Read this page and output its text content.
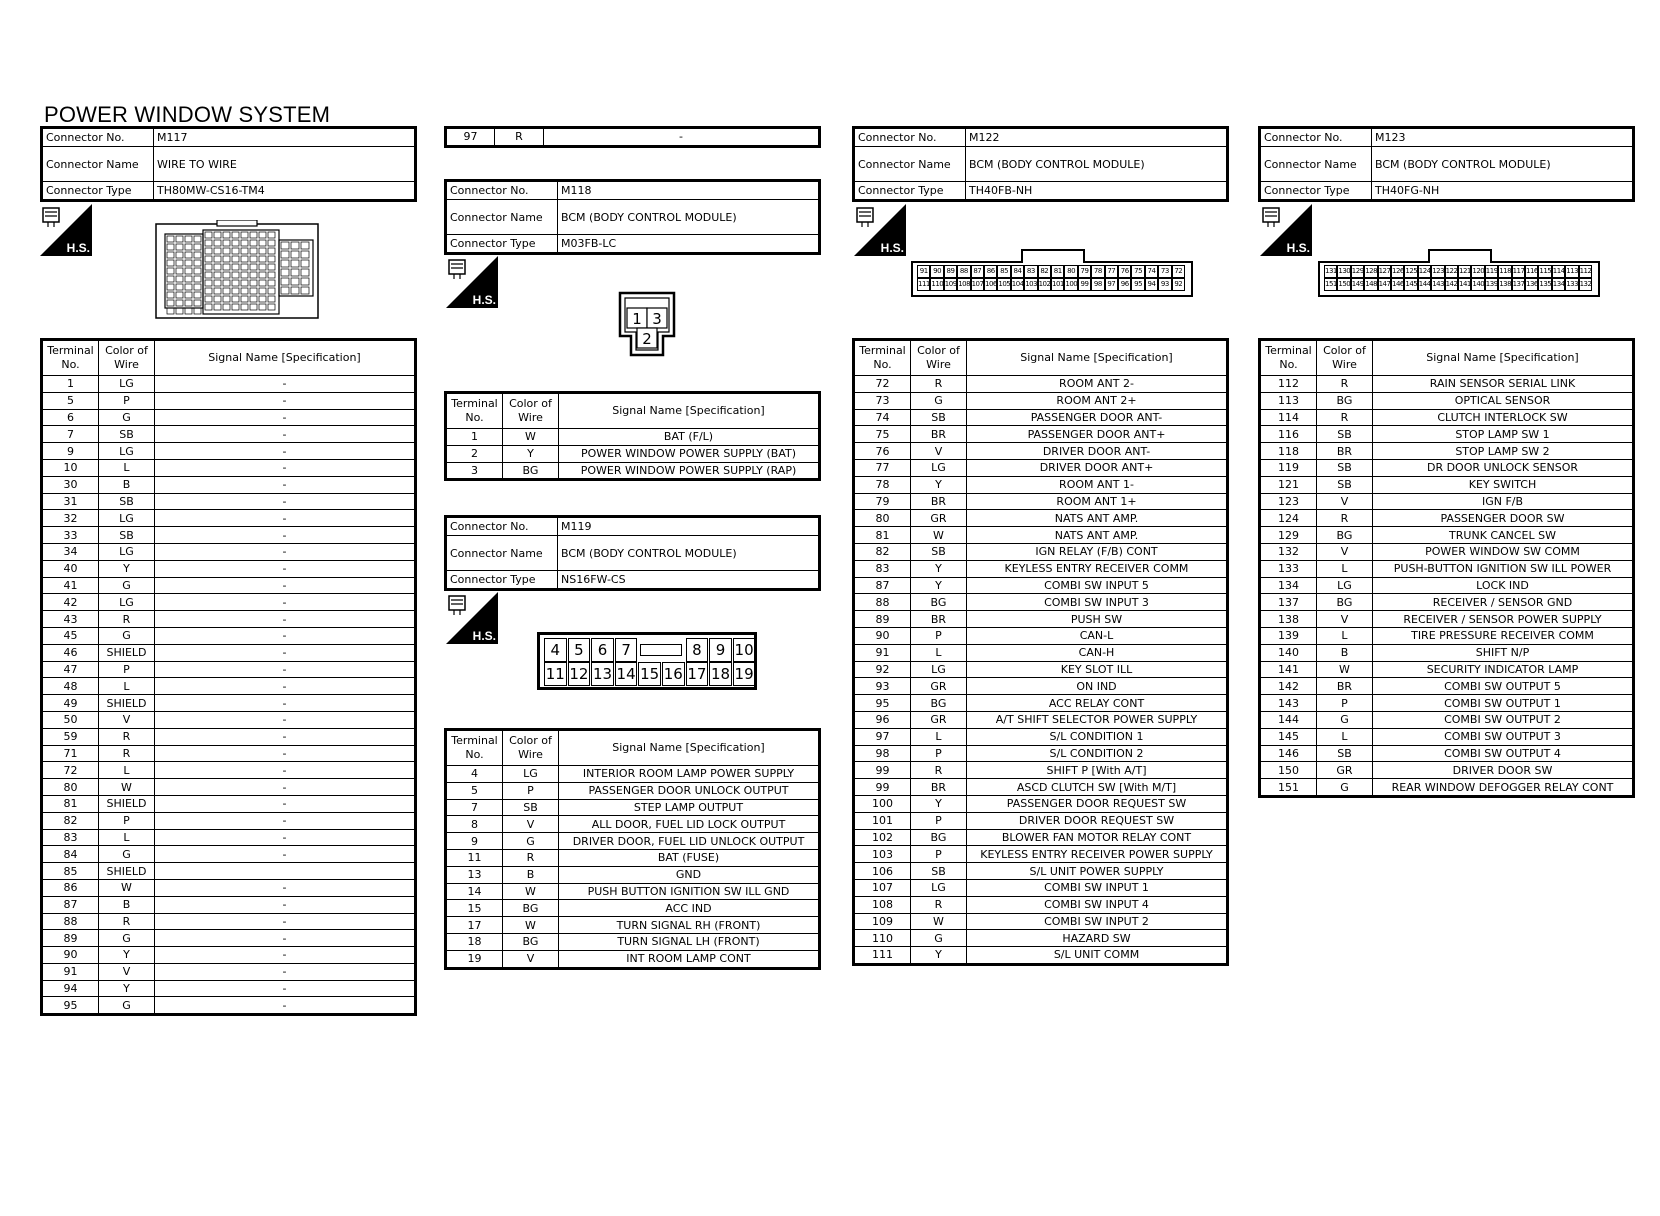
POWER WINDOW SYSTEM
Connector No.	M117
Connector Name	WIRE TO WIRE
Connector Type	TH80MW-CS16-TM4
H.S.
Terminal No.	Color of Wire	Signal Name [Specification]
1	LG	-
5	P	-
6	G	-
7	SB	-
9	LG	-
10	L	-
30	B	-
31	SB	-
32	LG	-
33	SB	-
34	LG	-
40	Y	-
41	G	-
42	LG	-
43	R	-
45	G	-
46	SHIELD	-
47	P	-
48	L	-
49	SHIELD	-
50	V	-
59	R	-
71	R	-
72	L	-
80	W	-
81	SHIELD	-
82	P	-
83	L	-
84	G	-
85	SHIELD	
86	W	-
87	B	-
88	R	-
89	G	-
90	Y	-
91	V	-
94	Y	-
95	G	-
97	R	-
Connector No.	M118
Connector Name	BCM (BODY CONTROL MODULE)
Connector Type	M03FB-LC
H.S.
1 3
2
Terminal No.	Color of Wire	Signal Name [Specification]
1	W	BAT (F/L)
2	Y	POWER WINDOW POWER SUPPLY (BAT)
3	BG	POWER WINDOW POWER SUPPLY (RAP)
Connector No.	M119
Connector Name	BCM (BODY CONTROL MODULE)
Connector Type	NS16FW-CS
H.S.
4 5 6 7	8 9 10
11 12 13 14 15 16 17 18 19
Terminal No.	Color of Wire	Signal Name [Specification]
4	LG	INTERIOR ROOM LAMP POWER SUPPLY
5	P	PASSENGER DOOR UNLOCK OUTPUT
7	SB	STEP LAMP OUTPUT
8	V	ALL DOOR, FUEL LID LOCK OUTPUT
9	G	DRIVER DOOR, FUEL LID UNLOCK OUTPUT
11	R	BAT (FUSE)
13	B	GND
14	W	PUSH BUTTON IGNITION SW ILL GND
15	BG	ACC IND
17	W	TURN SIGNAL RH (FRONT)
18	BG	TURN SIGNAL LH (FRONT)
19	V	INT ROOM LAMP CONT
Connector No.	M122
Connector Name	BCM (BODY CONTROL MODULE)
Connector Type	TH40FB-NH
H.S.
91 90 89 88 87 86 85 84 83 82 81 80 79 78 77 76 75 74 73 72
111 110 109 108 107 106 105 104 103 102 101 100 99 98 97 96 95 94 93 92
Terminal No.	Color of Wire	Signal Name [Specification]
72	R	ROOM ANT 2-
73	G	ROOM ANT 2+
74	SB	PASSENGER DOOR ANT-
75	BR	PASSENGER DOOR ANT+
76	V	DRIVER DOOR ANT-
77	LG	DRIVER DOOR ANT+
78	Y	ROOM ANT 1-
79	BR	ROOM ANT 1+
80	GR	NATS ANT AMP.
81	W	NATS ANT AMP.
82	SB	IGN RELAY (F/B) CONT
83	Y	KEYLESS ENTRY RECEIVER COMM
87	Y	COMBI SW INPUT 5
88	BG	COMBI SW INPUT 3
89	BR	PUSH SW
90	P	CAN-L
91	L	CAN-H
92	LG	KEY SLOT ILL
93	GR	ON IND
95	BG	ACC RELAY CONT
96	GR	A/T SHIFT SELECTOR POWER SUPPLY
97	L	S/L CONDITION 1
98	P	S/L CONDITION 2
99	R	SHIFT P [With A/T]
99	BR	ASCD CLUTCH SW [With M/T]
100	Y	PASSENGER DOOR REQUEST SW
101	P	DRIVER DOOR REQUEST SW
102	BG	BLOWER FAN MOTOR RELAY CONT
103	P	KEYLESS ENTRY RECEIVER POWER SUPPLY
106	SB	S/L UNIT POWER SUPPLY
107	LG	COMBI SW INPUT 1
108	R	COMBI SW INPUT 4
109	W	COMBI SW INPUT 2
110	G	HAZARD SW
111	Y	S/L UNIT COMM
Connector No.	M123
Connector Name	BCM (BODY CONTROL MODULE)
Connector Type	TH40FG-NH
H.S.
131 130 129 128 127 126 125 124 123 122 121 120 119 118 117 116 115 114 113 112
151 150 149 148 147 146 145 144 143 142 141 140 139 138 137 136 135 134 133 132
Terminal No.	Color of Wire	Signal Name [Specification]
112	R	RAIN SENSOR SERIAL LINK
113	BG	OPTICAL SENSOR
114	R	CLUTCH INTERLOCK SW
116	SB	STOP LAMP SW 1
118	BR	STOP LAMP SW 2
119	SB	DR DOOR UNLOCK SENSOR
121	SB	KEY SWITCH
123	V	IGN F/B
124	R	PASSENGER DOOR SW
129	BG	TRUNK CANCEL SW
132	V	POWER WINDOW SW COMM
133	L	PUSH-BUTTON IGNITION SW ILL POWER
134	LG	LOCK IND
137	BG	RECEIVER / SENSOR GND
138	V	RECEIVER / SENSOR POWER SUPPLY
139	L	TIRE PRESSURE RECEIVER COMM
140	B	SHIFT N/P
141	W	SECURITY INDICATOR LAMP
142	BR	COMBI SW OUTPUT 5
143	P	COMBI SW OUTPUT 1
144	G	COMBI SW OUTPUT 2
145	L	COMBI SW OUTPUT 3
146	SB	COMBI SW OUTPUT 4
150	GR	DRIVER DOOR SW
151	G	REAR WINDOW DEFOGGER RELAY CONT
